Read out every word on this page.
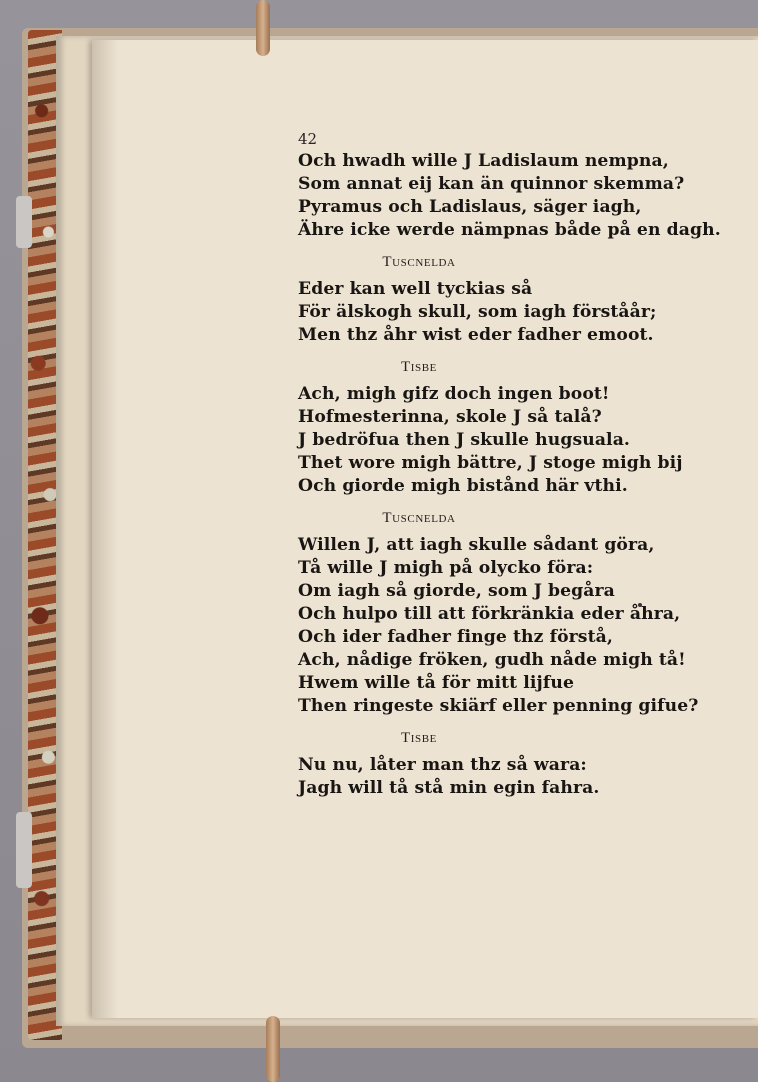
42

Och hwadh wille J Ladislaum nempna,
Som annat eij kan än quinnor skemma?
Pyramus och Ladislaus, säger iagh,
Ähre icke werde nämpnas både på en dagh.
Tuscnelda
Eder kan well tyckias så
För älskogh skull, som iagh förståår;
Men thz åhr wist eder fadher emoot.
Tisbe
Ach, migh gifz doch ingen boot!
Hofmesterinna, skole J så talå?
J bedröfua then J skulle hugsuala.
Thet wore migh bättre, J stoge migh bij
Och giorde migh bistånd här vthi.
Tuscnelda
Willen J, att iagh skulle sådant göra,
Tå wille J migh på olycko föra:
Om iagh så giorde, som J begåra
Och hulpo till att förkränkia eder åhra,
Och ider fadher finge thz förstå,
Ach, nådige fröken, gudh nåde migh tå!
Hwem wille tå för mitt lijfue
Then ringeste skiärf eller penning gifue?
Tisbe
Nu nu, låter man thz så wara:
Jagh will tå stå min egin fahra.
